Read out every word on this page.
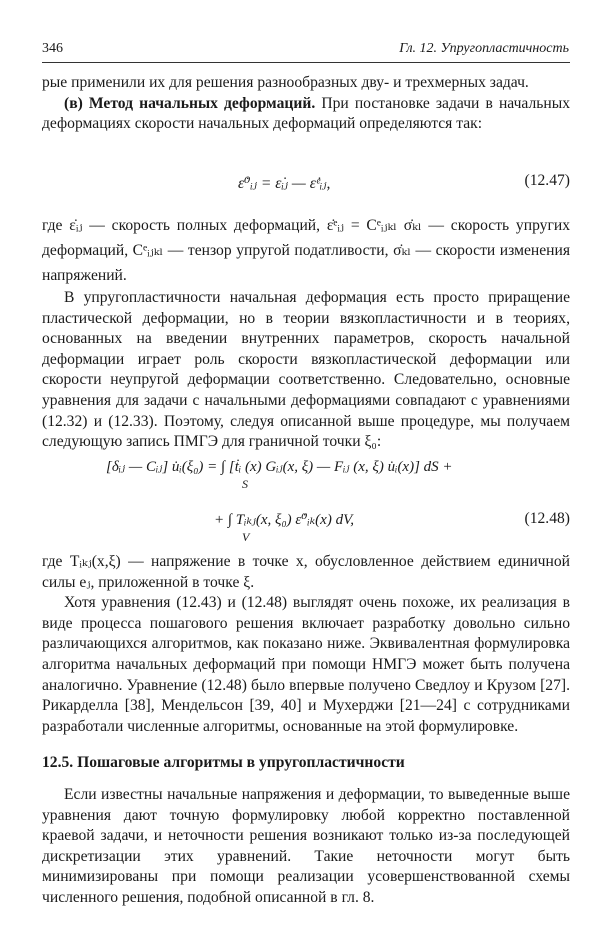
346	Гл. 12. Упругопластичность

рые применили их для решения разнообразных дву- и трехмерных задач.

(в) Метод начальных деформаций. При постановке задачи в начальных деформациях скорости начальных деформаций определяются так:

ε̇⁰ᵢⱼ = ε̇ᵢⱼ — ε̇ᵉᵢⱼ,	(12.47)

где ε̇ᵢⱼ — скорость полных деформаций, ε̇ᵉᵢⱼ = Cᵉᵢⱼₖₗ σ̇ₖₗ — скорость упругих деформаций, Cᵉᵢⱼₖₗ — тензор упругой податливости, σ̇ₖₗ — скорости изменения напряжений.

В упругопластичности начальная деформация есть просто приращение пластической деформации, но в теории вязкопластичности и в теориях, основанных на введении внутренних параметров, скорость начальной деформации играет роль скорости вязкопластической деформации или скорости неупругой деформации соответственно. Следовательно, основные уравнения для задачи с начальными деформациями совпадают с уравнениями (12.32) и (12.33). Поэтому, следуя описанной выше процедуре, мы получаем следующую запись ПМГЭ для граничной точки ξ₀:

[δᵢⱼ — Cᵢⱼ] u̇ᵢ(ξ₀) = ∫ [ṫᵢ (x) Gᵢⱼ(x, ξ) — Fᵢⱼ (x, ξ) u̇ᵢ(x)] dS +
S
+ ∫ Tᵢₖⱼ(x, ξ₀) ε̇⁰ᵢₖ(x) dV,
V
(12.48)

где Tᵢₖⱼ(x,ξ) — напряжение в точке x, обусловленное действием единичной силы eⱼ, приложенной в точке ξ.

Хотя уравнения (12.43) и (12.48) выглядят очень похоже, их реализация в виде процесса пошагового решения включает разработку довольно сильно различающихся алгоритмов, как показано ниже. Эквивалентная формулировка алгоритма начальных деформаций при помощи НМГЭ может быть получена аналогично. Уравнение (12.48) было впервые получено Сведлоу и Крузом [27]. Рикарделла [38], Мендельсон [39, 40] и Мухерджи [21—24] с сотрудниками разработали численные алгоритмы, основанные на этой формулировке.

12.5. Пошаговые алгоритмы в упругопластичности

Если известны начальные напряжения и деформации, то выведенные выше уравнения дают точную формулировку любой корректно поставленной краевой задачи, и неточности решения возникают только из-за последующей дискретизации этих уравнений. Такие неточности могут быть минимизированы при помощи реализации усовершенствованной схемы численного решения, подобной описанной в гл. 8.
